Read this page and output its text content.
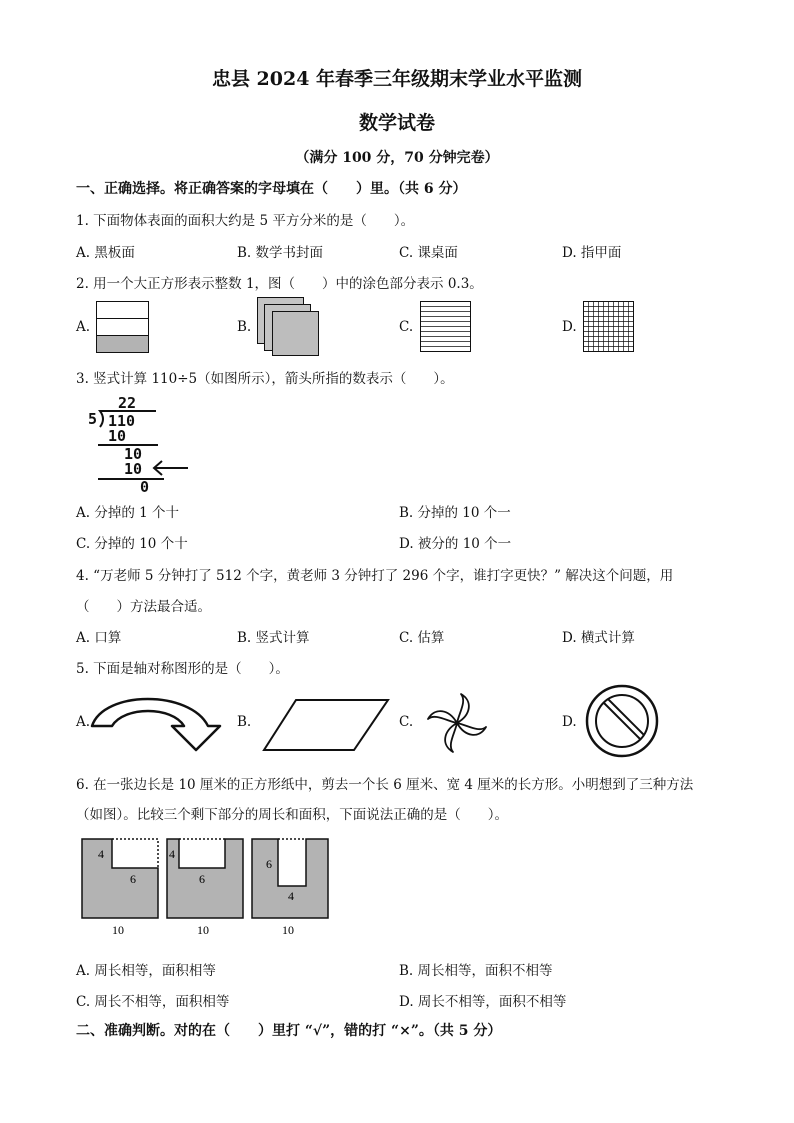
忠县 2024 年春季三年级期末学业水平监测
数学试卷
（满分 100 分，70 分钟完卷）
一、正确选择。将正确答案的字母填在（　　）里。（共 6 分）
1. 下面物体表面的面积大约是 5 平方分米的是（　　）。
A. 黑板面	B. 数学书封面	C. 课桌面	D. 指甲面
2. 用一个大正方形表示整数 1，图（　　）中的涂色部分表示 0.3。
A.	B.	C.	D.
3. 竖式计算 110÷5（如图所示），箭头所指的数表示（　　）。
22
5 110
10
10
10
0
A. 分掉的 1 个十	B. 分掉的 10 个一
C. 分掉的 10 个十	D. 被分的 10 个一
4. “万老师 5 分钟打了 512 个字，黄老师 3 分钟打了 296 个字，谁打字更快？” 解决这个问题，用
（　　）方法最合适。
A. 口算	B. 竖式计算	C. 估算	D. 横式计算
5. 下面是轴对称图形的是（　　）。
A.	B.	C.	D.
6. 在一张边长是 10 厘米的正方形纸中，剪去一个长 6 厘米、宽 4 厘米的长方形。小明想到了三种方法
（如图）。比较三个剩下部分的周长和面积，下面说法正确的是（　　）。
4
6
10
4
6
10
6
4
10
A. 周长相等，面积相等	B. 周长相等，面积不相等
C. 周长不相等，面积相等	D. 周长不相等，面积不相等
二、准确判断。对的在（　　）里打 “√”，错的打 “×”。（共 5 分）
